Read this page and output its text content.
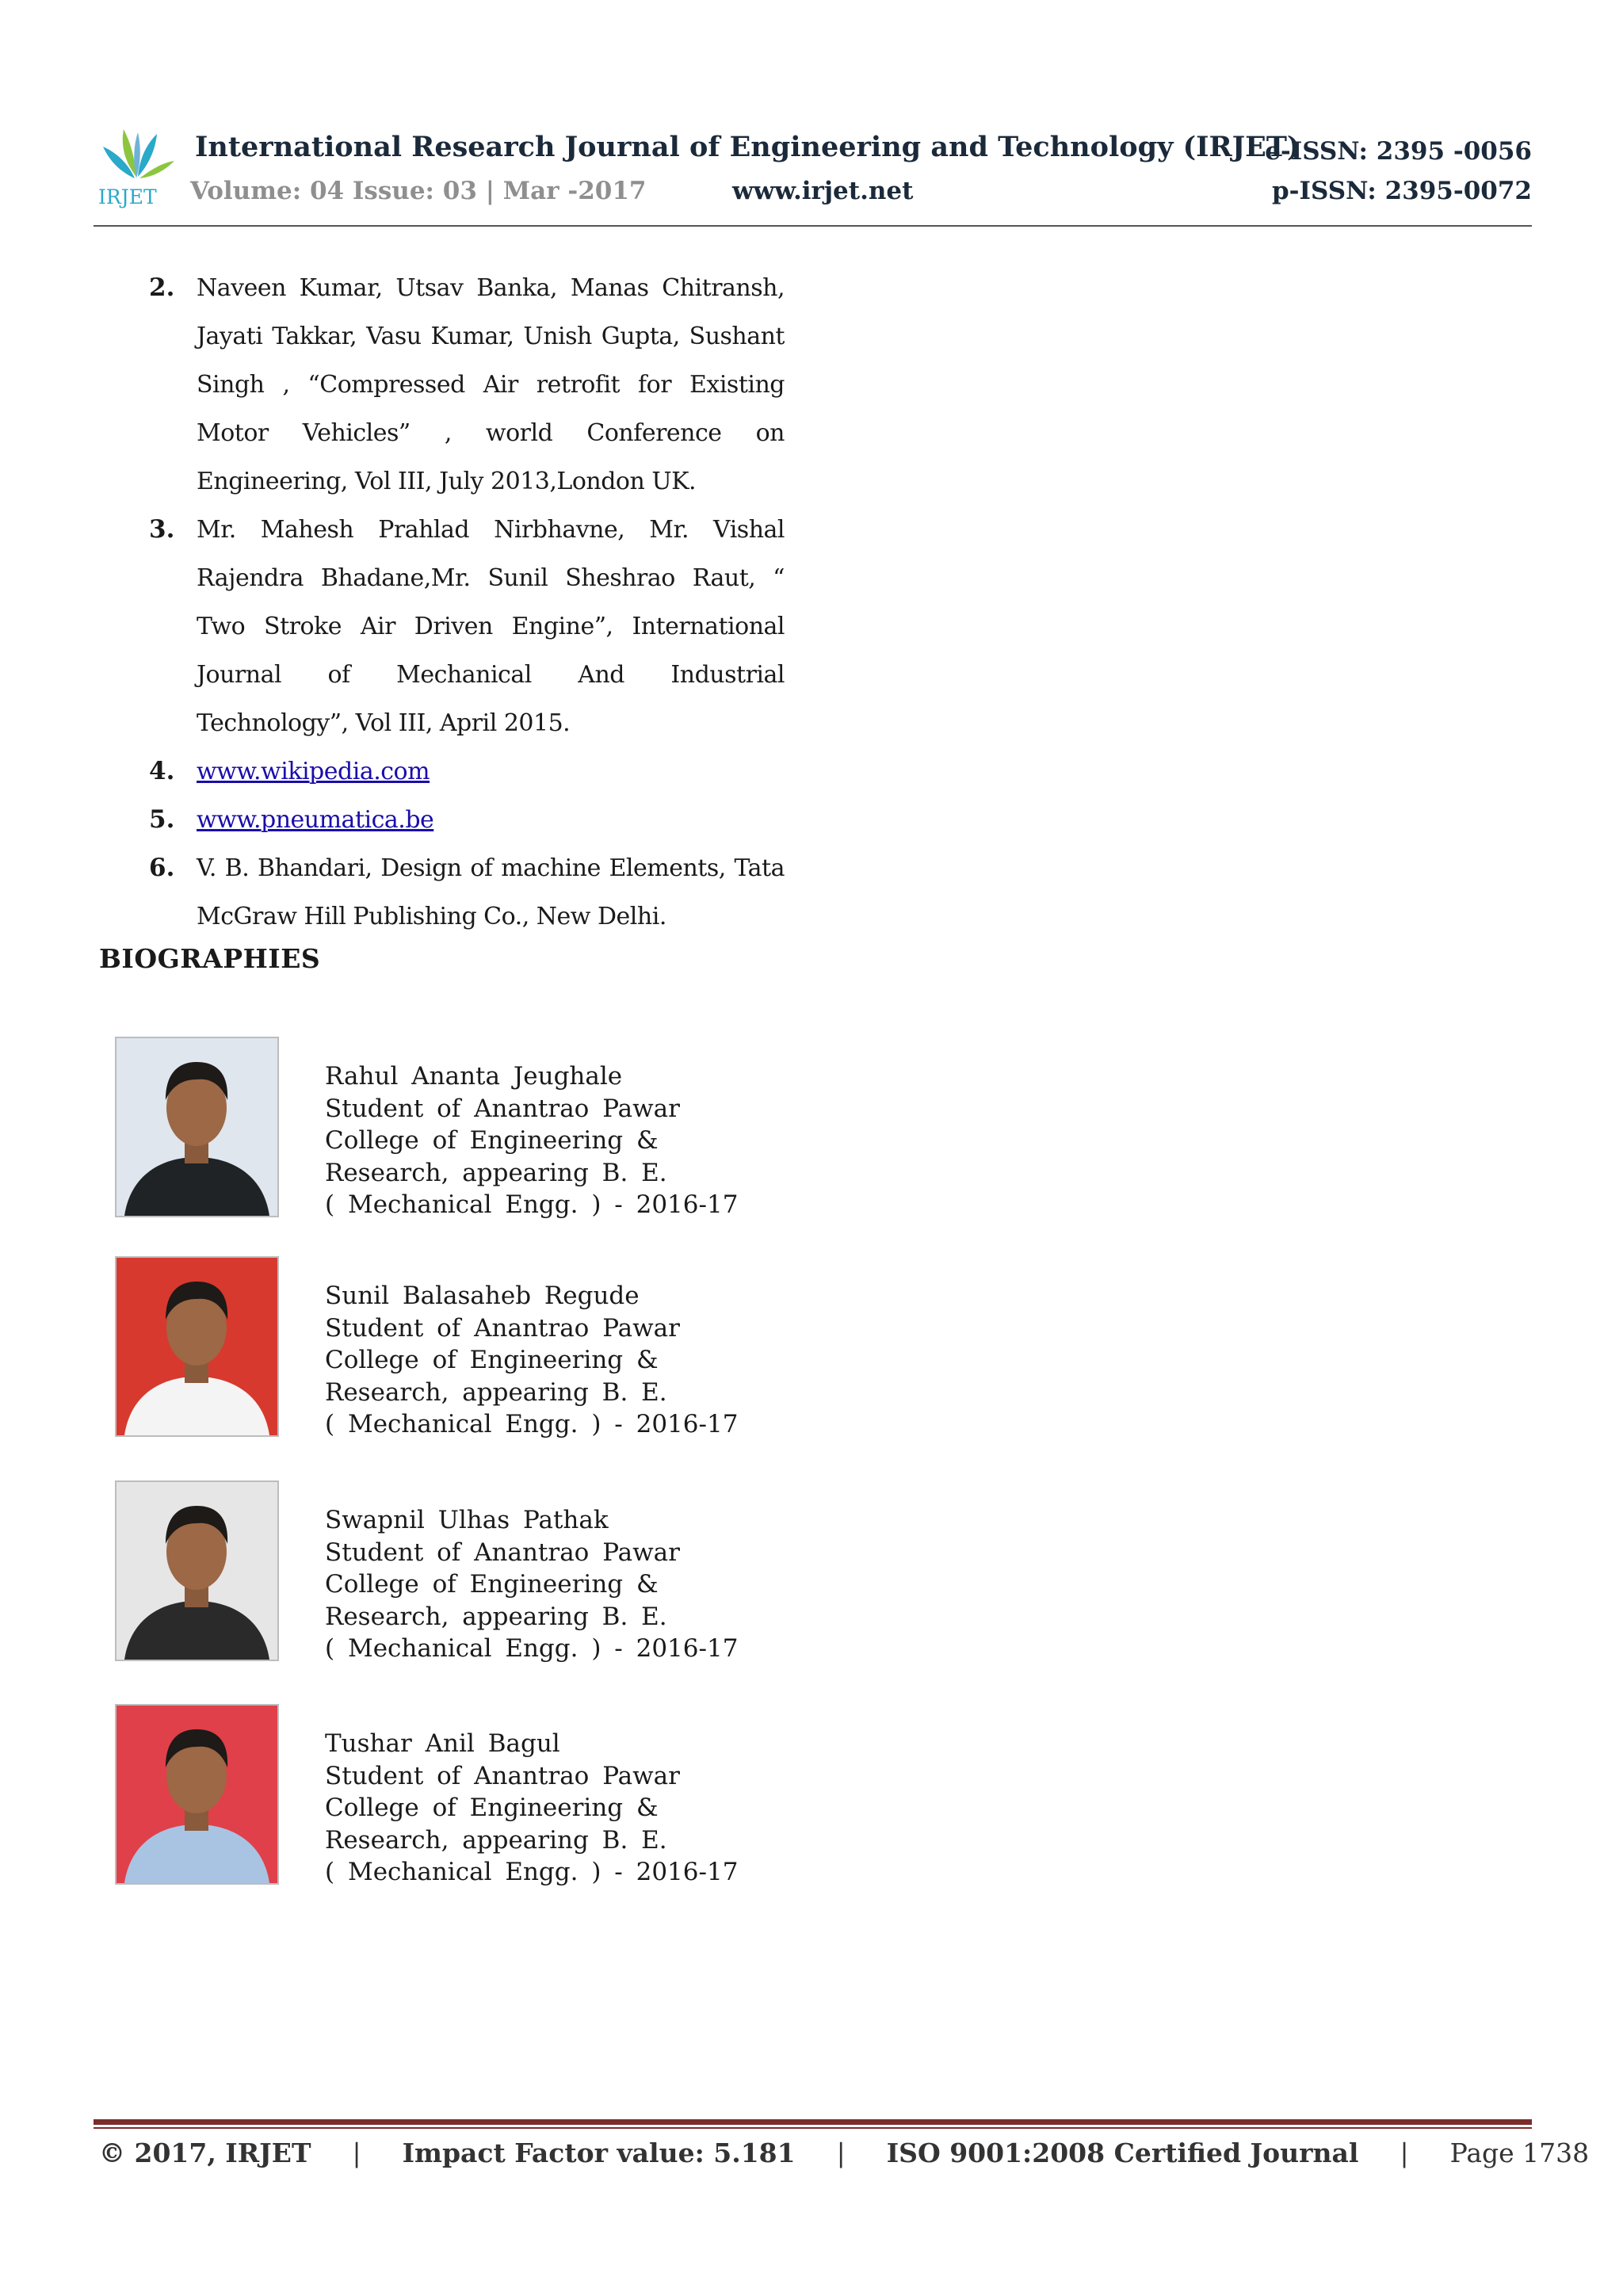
IRJET
International Research Journal of Engineering and Technology (IRJET)
e-ISSN: 2395 -0056
Volume: 04 Issue: 03 | Mar -2017	www.irjet.net	p-ISSN: 2395-0072
2. Naveen Kumar, Utsav Banka, Manas Chitransh, Jayati Takkar, Vasu Kumar, Unish Gupta, Sushant Singh , “Compressed Air retrofit for Existing Motor Vehicles” , world Conference on Engineering, Vol III, July 2013,London UK.
3. Mr. Mahesh Prahlad Nirbhavne, Mr. Vishal Rajendra Bhadane,Mr. Sunil Sheshrao Raut, “ Two Stroke Air Driven Engine”, International Journal of Mechanical And Industrial Technology”, Vol III, April 2015.
4. www.wikipedia.com
5. www.pneumatica.be
6. V. B. Bhandari, Design of machine Elements, Tata McGraw Hill Publishing Co., New Delhi.
BIOGRAPHIES
Rahul Ananta Jeughale
Student of Anantrao Pawar
College of Engineering &
Research, appearing B. E.
( Mechanical Engg. ) - 2016-17
Sunil Balasaheb Regude
Student of Anantrao Pawar
College of Engineering &
Research, appearing B. E.
( Mechanical Engg. ) - 2016-17
Swapnil Ulhas Pathak
Student of Anantrao Pawar
College of Engineering &
Research, appearing B. E.
( Mechanical Engg. ) - 2016-17
Tushar Anil Bagul
Student of Anantrao Pawar
College of Engineering &
Research, appearing B. E.
( Mechanical Engg. ) - 2016-17
© 2017, IRJET | Impact Factor value: 5.181 | ISO 9001:2008 Certified Journal | Page 1738
